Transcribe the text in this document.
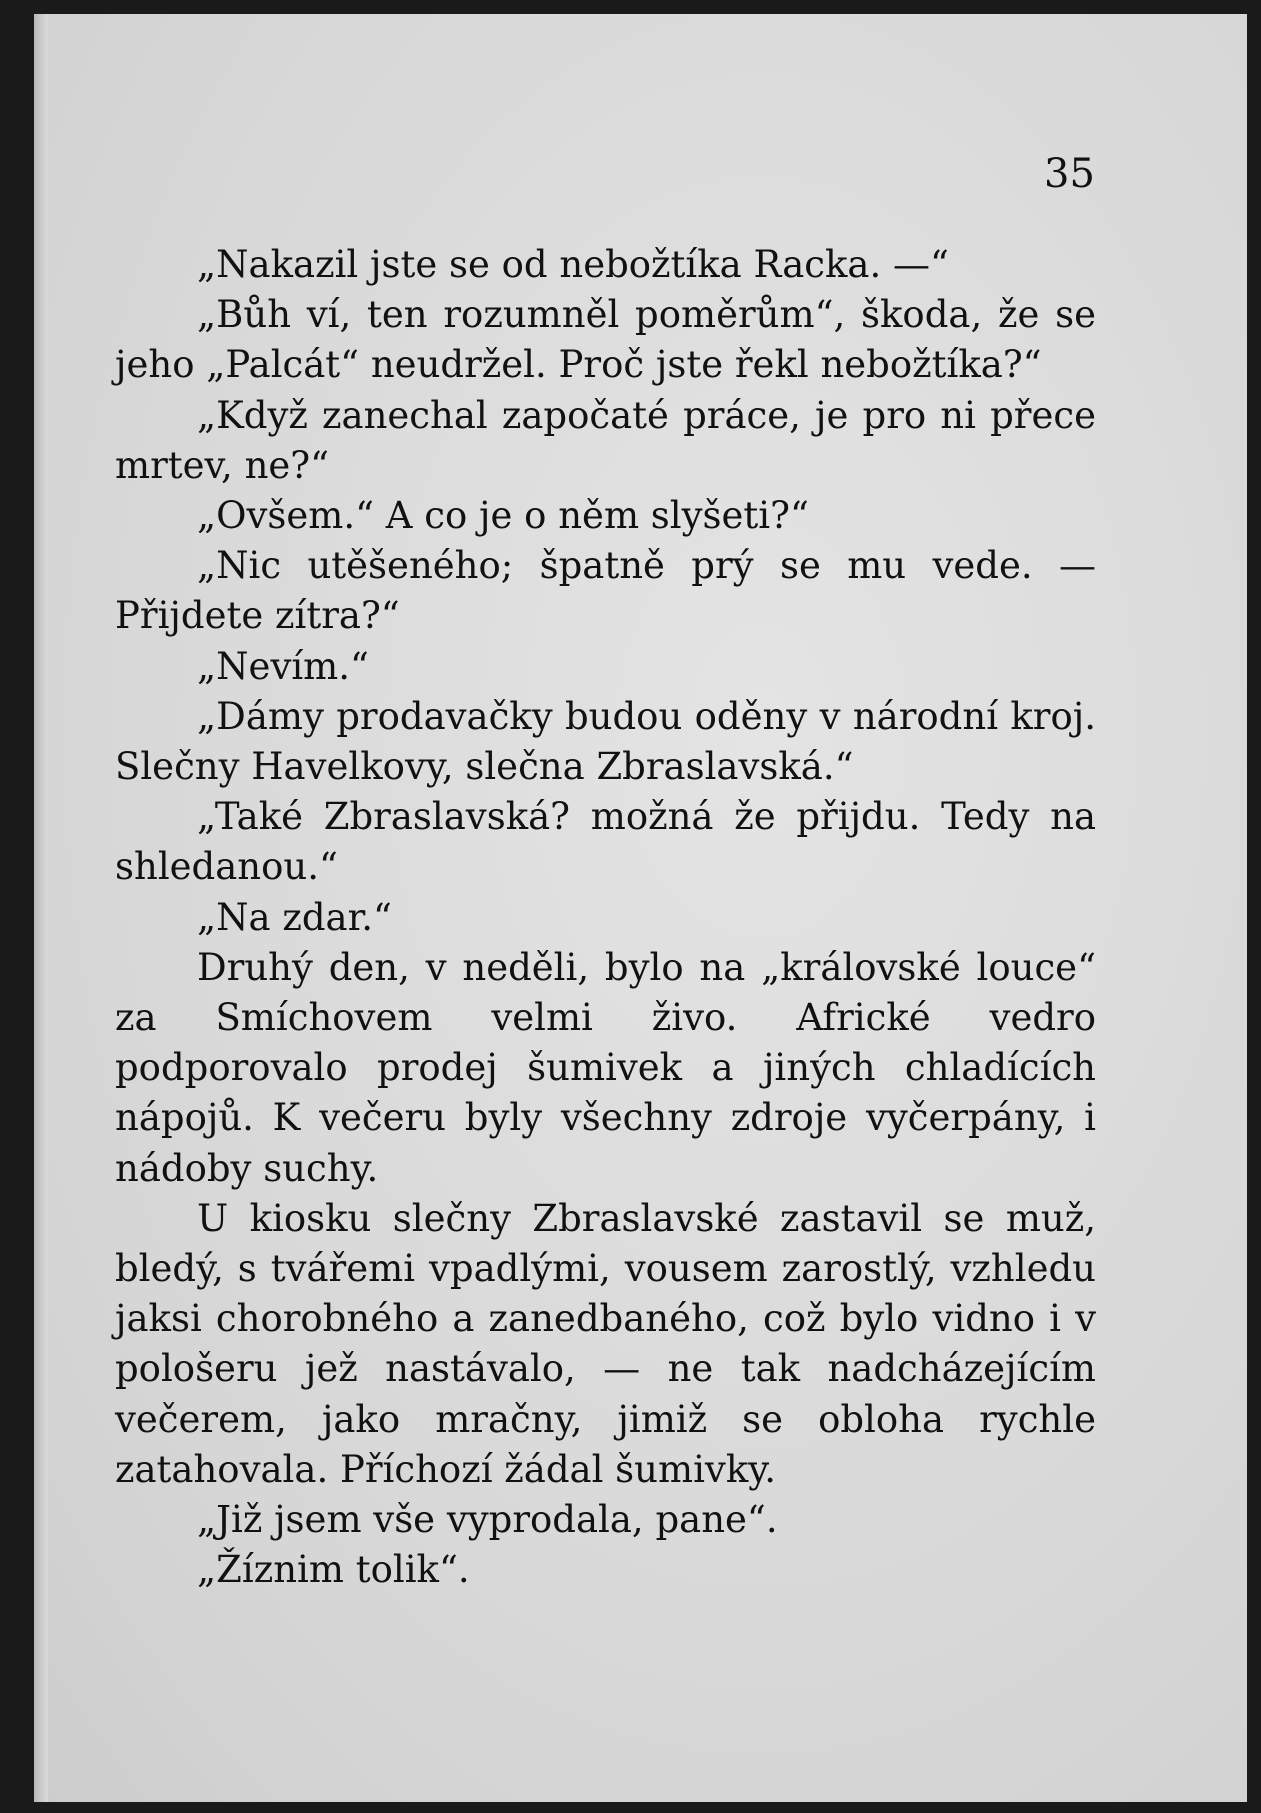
35

„Nakazil jste se od nebožtíka Racka. —“

„Bůh ví, ten rozumněl poměrům“, škoda, že se jeho „Palcát“ neudržel. Proč jste řekl nebožtíka?“

„Když zanechal započaté práce, je pro ni přece mrtev, ne?“

„Ovšem.“ A co je o něm slyšeti?“

„Nic utěšeného; špatně prý se mu vede. — Přijdete zítra?“

„Nevím.“

„Dámy prodavačky budou oděny v národní kroj. Slečny Havelkovy, slečna Zbraslavská.“

„Také Zbraslavská? možná že přijdu. Tedy na shledanou.“

„Na zdar.“

Druhý den, v neděli, bylo na „královské louce“ za Smíchovem velmi živo. Africké vedro podporovalo prodej šumivek a jiných chladících nápojů. K večeru byly všechny zdroje vyčerpány, i nádoby suchy.

U kiosku slečny Zbraslavské zastavil se muž, bledý, s tvářemi vpadlými, vousem zarostlý, vzhledu jaksi chorobného a zanedbaného, což bylo vidno i v pološeru jež nastávalo, — ne tak nadcházejícím večerem, jako mračny, jimiž se obloha rychle zatahovala. Příchozí žádal šumivky.

„Již jsem vše vyprodala, pane“.

„Žíznim tolik“.
